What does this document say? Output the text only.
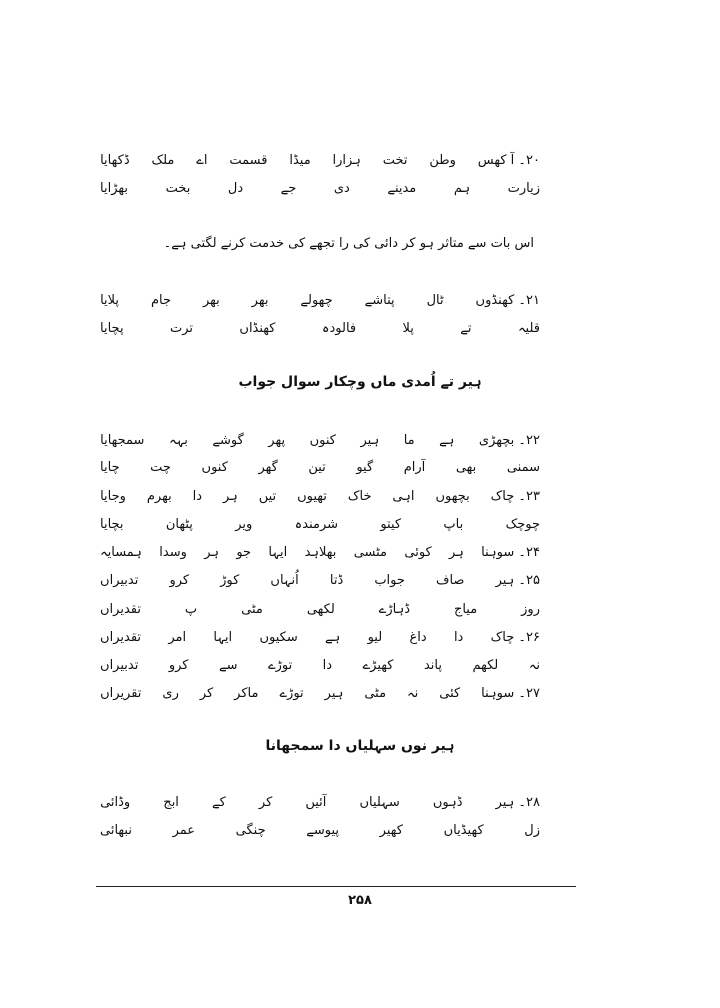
۲۰۔ آ کھس
وطن
تخت
ہزارا
میڈا
قسمت
اے
ملک
ڈکھایا
زیارت
ہم
مدینے
دی
جے
دل
بخت
بھڑایا
اس بات سے متاثر ہو کر دائی کی را تجھے کی خدمت کرنے لگتی ہے۔
۲۱۔ کھنڈوں
ٹال
پتاشے
چھولے
بھر
بھر
جام
پلایا
قلیہ
تے
پلا
فالودہ
کھنڈاں
ترت
پچایا
ہیر تے اُمدی ماں وچکار سوال جواب
۲۲۔ بچھڑی
ہے
ما
ہیر
کنوں
پھر
گوشے
بہہ
سمجھایا
سمنی
بھی
آرام
گیو
تین
گھر
کنوں
چت
چایا
۲۳۔ چاک
بچھوں
اہی
خاک
تھیوں
تیں
ہر
دا
بھرم
وجایا
چوچک
باپ
کیتو
شرمندہ
ویر
پٹھان
بچایا
۲۴۔ سوہنا
ہر
کوئی
مٹسی
بھلاہد
ایہا
جو
ہر
وسدا
ہمسایہ
۲۵۔ ہیر
صاف
جواب
ڈتا
اُنہاں
کوڑ
کرو
تدبیراں
روز
میاج
ڈہاڑے
لکھی
مٹی
پ
تقدیراں
۲۶۔ چاک
دا
داغ
لیو
ہے
سکیوں
ایہا
امر
تقدیراں
نہ
لکھم
پاند
کھیڑے
دا
توڑے
سے
کرو
تدبیراں
۲۷۔ سوہنا
کئی
نہ
مٹی
ہیر
توڑے
ماکر
کر
ری
تقریراں
ہیر نوں سہلیاں دا سمجھانا
۲۸۔ ہیر
ڈہوں
سہلیاں
آئیں
کر
کے
ابج
وڈائی
زل
کھیڈیاں
کھیر
پیوسے
چنگی
عمر
نبھائی
۲۵۸
